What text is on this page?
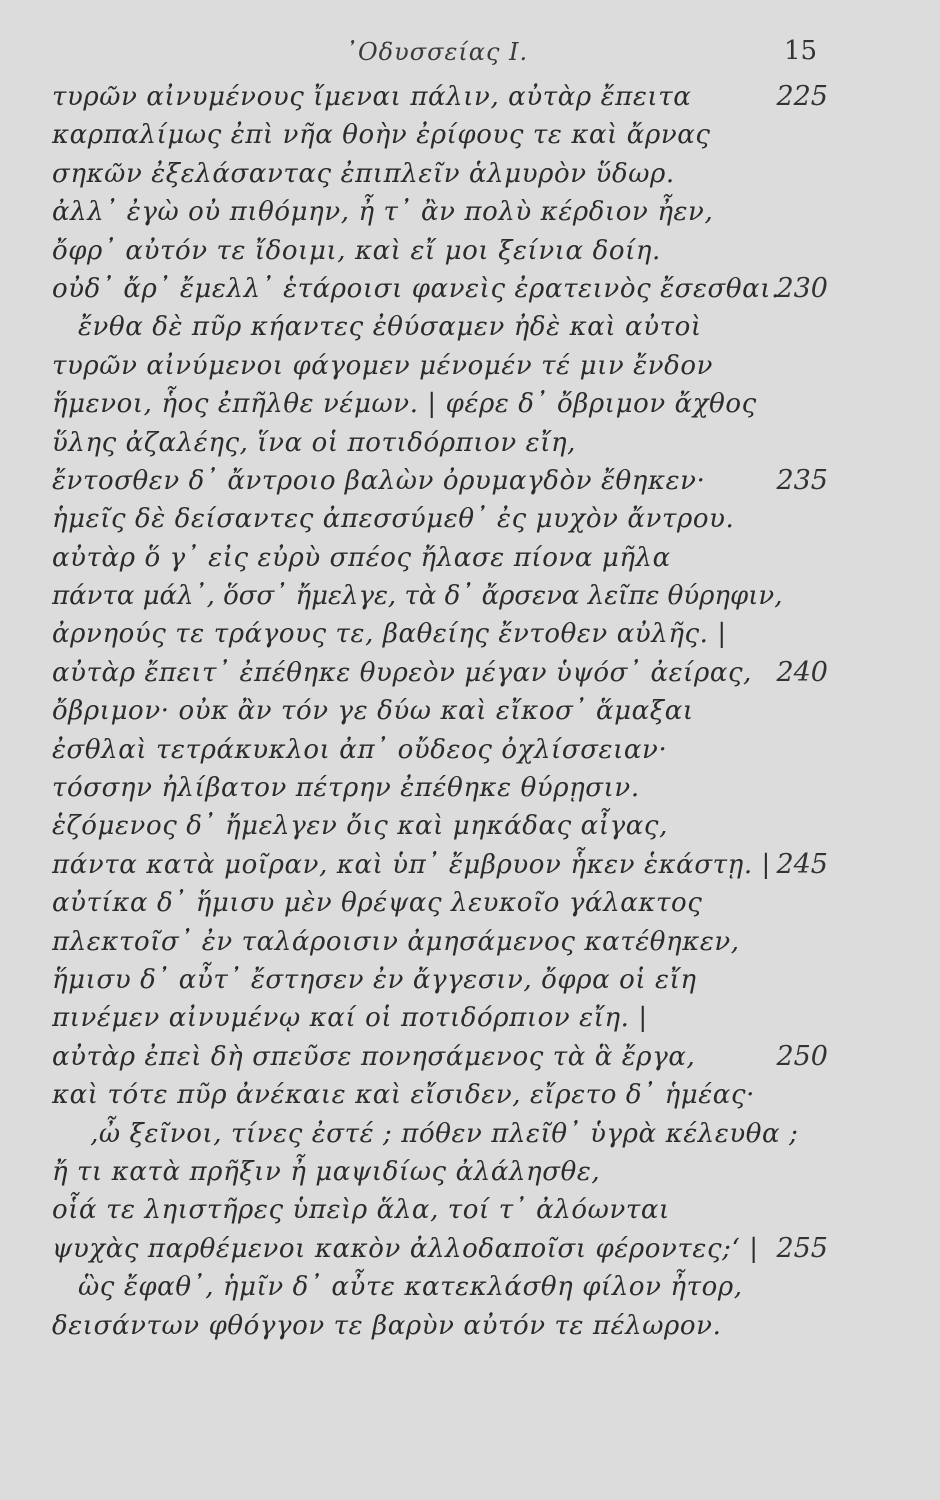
᾿Οδυσσείας Ι.	15
τυρῶν αἰνυμένους ἴμεναι πάλιν, αὐτὰρ ἔπειτα	225
καρπαλίμως ἐπὶ νῆα θοὴν ἐρίφους τε καὶ ἄρνας
σηκῶν ἐξελάσαντας ἐπιπλεῖν ἁλμυρὸν ὕδωρ.
ἀλλ᾽ ἐγὼ οὐ πιθόμην, ἦ τ᾽ ἂν πολὺ κέρδιον ἦεν,
ὄφρ᾽ αὐτόν τε ἴδοιμι, καὶ εἴ μοι ξείνια δοίη.
οὐδ᾽ ἄρ᾽ ἔμελλ᾽ ἑτάροισι φανεὶς ἐρατεινὸς ἔσεσθαι.
230
ἔνθα δὲ πῦρ κήαντες ἐθύσαμεν ἠδὲ καὶ αὐτοὶ
τυρῶν αἰνύμενοι φάγομεν μένομέν τέ μιν ἔνδον
ἥμενοι, ἧος ἐπῆλθε νέμων. | φέρε δ᾽ ὄβριμον ἄχθος
ὕλης ἀζαλέης, ἵνα οἱ ποτιδόρπιον εἴη,
ἔντοσθεν δ᾽ ἄντροιο βαλὼν ὀρυμαγδὸν ἔθηκεν·	235
ἡμεῖς δὲ δείσαντες ἀπεσσύμεθ᾽ ἐς μυχὸν ἄντρου.
αὐτὰρ ὅ γ᾽ εἰς εὐρὺ σπέος ἤλασε πίονα μῆλα
πάντα μάλ᾽, ὅσσ᾽ ἤμελγε, τὰ δ᾽ ἄρσενα λεῖπε θύρηφιν,
ἀρνηούς τε τράγους τε, βαθείης ἔντοθεν αὐλῆς. |
αὐτὰρ ἔπειτ᾽ ἐπέθηκε θυρεὸν μέγαν ὑψόσ᾽ ἀείρας, 240
ὄβριμον· οὐκ ἂν τόν γε δύω καὶ εἴκοσ᾽ ἅμαξαι
ἐσθλαὶ τετράκυκλοι ἀπ᾽ οὔδεος ὀχλίσσειαν·
τόσσην ἠλίβατον πέτρην ἐπέθηκε θύρῃσιν.
ἑζόμενος δ᾽ ἤμελγεν ὄις καὶ μηκάδας αἶγας,
πάντα κατὰ μοῖραν, καὶ ὑπ᾽ ἔμβρυον ἧκεν ἑκάστῃ. | 245
αὐτίκα δ᾽ ἥμισυ μὲν θρέψας λευκοῖο γάλακτος
πλεκτοῖσ᾽ ἐν ταλάροισιν ἀμησάμενος κατέθηκεν,
ἥμισυ δ᾽ αὖτ᾽ ἔστησεν ἐν ἄγγεσιν, ὄφρα οἱ εἴη
πινέμεν αἰνυμένῳ καί οἱ ποτιδόρπιον εἴη. |
αὐτὰρ ἐπεὶ δὴ σπεῦσε πονησάμενος τὰ ἃ ἔργα,	250
καὶ τότε πῦρ ἀνέκαιε καὶ εἴσιδεν, εἴρετο δ᾽ ἡμέας·
‚ὦ ξεῖνοι, τίνες ἐστέ ; πόθεν πλεῖθ᾽ ὑγρὰ κέλευθα ;
ἤ τι κατὰ πρῆξιν ἦ μαψιδίως ἀλάλησθε,
οἷά τε ληιστῆρες ὑπεὶρ ἅλα, τοί τ᾽ ἀλόωνται
ψυχὰς παρθέμενοι κακὸν ἀλλοδαποῖσι φέροντες;‘ | 255
ὣς ἔφαθ᾽, ἡμῖν δ᾽ αὖτε κατεκλάσθη φίλον ἦτορ,
δεισάντων φθόγγον τε βαρὺν αὐτόν τε πέλωρον.
